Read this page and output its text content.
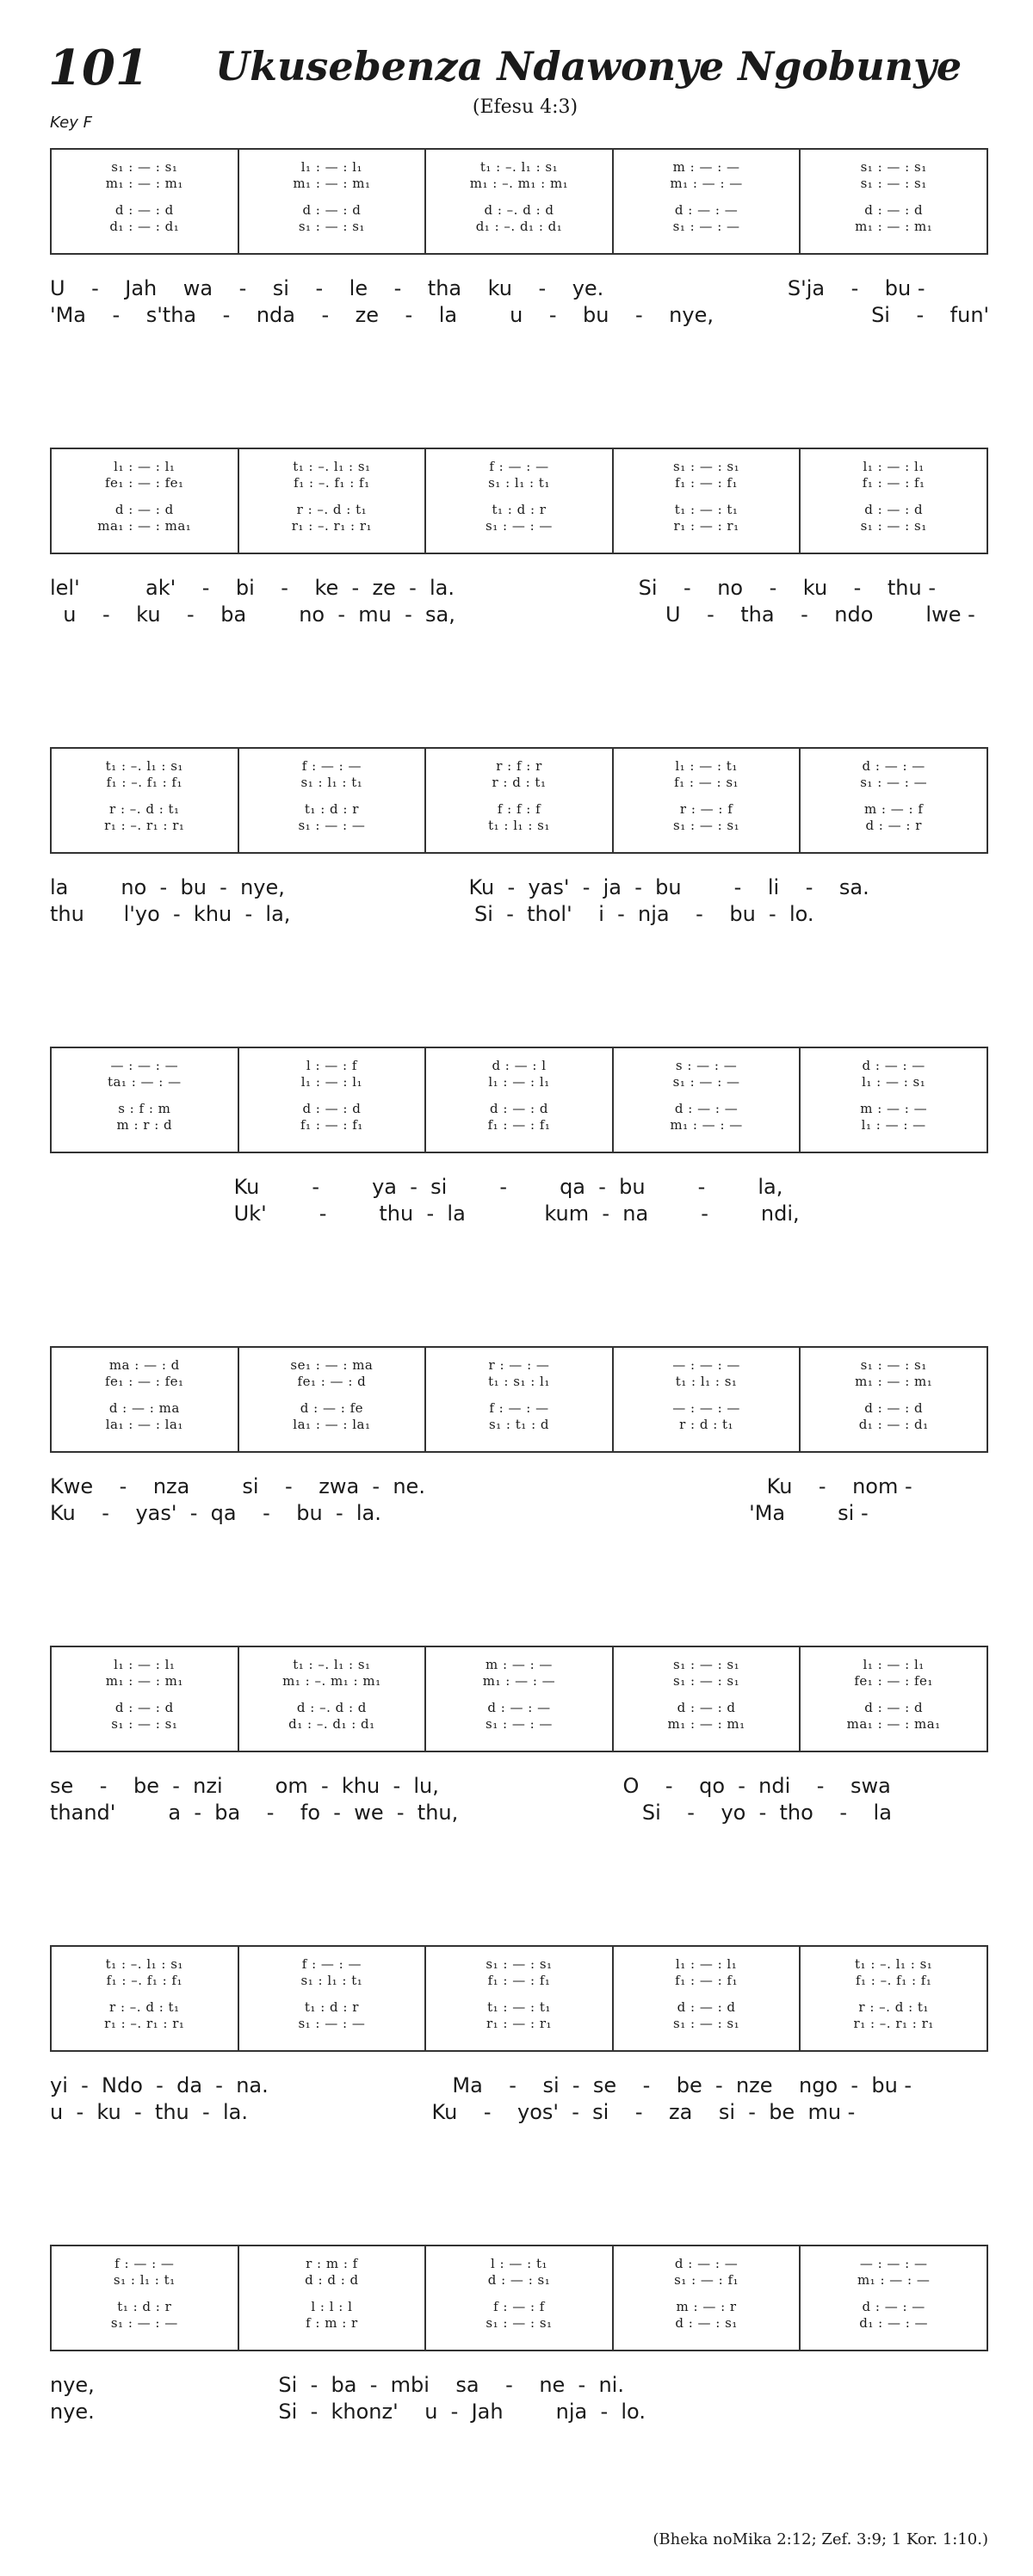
101 Ukusebenza Ndawonye Ngobunye
(Efesu 4:3)
Key F
s₁ : — : s₁
m₁ : — : m₁
d : — : d
d₁ : — : d₁
l₁ : — : l₁
m₁ : — : m₁
d : — : d
s₁ : — : s₁
t₁ : –. l₁ : s₁
m₁ : –. m₁ : m₁
d : –. d : d
d₁ : –. d₁ : d₁
m : — : —
m₁ : — : —
d : — : —
s₁ : — : —
s₁ : — : s₁
s₁ : — : s₁
d : — : d
m₁ : — : m₁
U    -    Jah    wa    -    si    -    le    -    tha    ku    -    ye.                            S'ja    -    bu -
'Ma    -    s'tha    -    nda    -    ze    -    la        u    -    bu    -    nye,                        Si    -    fun'
l₁ : — : l₁
fe₁ : — : fe₁
d : — : d
ma₁ : — : ma₁
t₁ : –. l₁ : s₁
f₁ : –. f₁ : f₁
r : –. d : t₁
r₁ : –. r₁ : r₁
f : — : —
s₁ : l₁ : t₁
t₁ : d : r
s₁ : — : —
s₁ : — : s₁
f₁ : — : f₁
t₁ : — : t₁
r₁ : — : r₁
l₁ : — : l₁
f₁ : — : f₁
d : — : d
s₁ : — : s₁
lel'          ak'    -    bi    -    ke  -  ze  -  la.                            Si    -    no    -    ku    -    thu -
u    -    ku    -    ba        no  -  mu  -  sa,                                U    -    tha    -    ndo        lwe -
t₁ : –. l₁ : s₁
f₁ : –. f₁ : f₁
r : –. d : t₁
r₁ : –. r₁ : r₁
f : — : —
s₁ : l₁ : t₁
t₁ : d : r
s₁ : — : —
r : f : r
r : d : t₁
f : f : f
t₁ : l₁ : s₁
l₁ : — : t₁
f₁ : — : s₁
r : — : f
s₁ : — : s₁
d : — : —
s₁ : — : —
m : — : f
d : — : r
la        no  -  bu  -  nye,                            Ku  -  yas'  -  ja  -  bu        -    li    -    sa.
thu      l'yo  -  khu  -  la,                            Si  -  thol'    i  -  nja    -    bu  -  lo.
— : — : —
ta₁ : — : —
s : f : m
m : r : d
l : — : f
l₁ : — : l₁
d : — : d
f₁ : — : f₁
d : — : l
l₁ : — : l₁
d : — : d
f₁ : — : f₁
s : — : —
s₁ : — : —
d : — : —
m₁ : — : —
d : — : —
l₁ : — : s₁
m : — : —
l₁ : — : —
Ku        -        ya  -  si        -        qa  -  bu        -        la,
Uk'        -        thu  -  la            kum  -  na        -        ndi,
ma : — : d
fe₁ : — : fe₁
d : — : ma
la₁ : — : la₁
se₁ : — : ma
fe₁ : — : d
d : — : fe
la₁ : — : la₁
r : — : —
t₁ : s₁ : l₁
f : — : —
s₁ : t₁ : d
— : — : —
t₁ : l₁ : s₁
— : — : —
r : d : t₁
s₁ : — : s₁
m₁ : — : m₁
d : — : d
d₁ : — : d₁
Kwe    -    nza        si    -    zwa  -  ne.                                                    Ku    -    nom -
Ku    -    yas'  -  qa    -    bu  -  la.                                                        'Ma        si -
l₁ : — : l₁
m₁ : — : m₁
d : — : d
s₁ : — : s₁
t₁ : –. l₁ : s₁
m₁ : –. m₁ : m₁
d : –. d : d
d₁ : –. d₁ : d₁
m : — : —
m₁ : — : —
d : — : —
s₁ : — : —
s₁ : — : s₁
s₁ : — : s₁
d : — : d
m₁ : — : m₁
l₁ : — : l₁
fe₁ : — : fe₁
d : — : d
ma₁ : — : ma₁
se    -    be  -  nzi        om  -  khu  -  lu,                            O    -    qo  -  ndi    -    swa
thand'        a  -  ba    -    fo  -  we  -  thu,                            Si    -    yo  -  tho    -    la
t₁ : –. l₁ : s₁
f₁ : –. f₁ : f₁
r : –. d : t₁
r₁ : –. r₁ : r₁
f : — : —
s₁ : l₁ : t₁
t₁ : d : r
s₁ : — : —
s₁ : — : s₁
f₁ : — : f₁
t₁ : — : t₁
r₁ : — : r₁
l₁ : — : l₁
f₁ : — : f₁
d : — : d
s₁ : — : s₁
t₁ : –. l₁ : s₁
f₁ : –. f₁ : f₁
r : –. d : t₁
r₁ : –. r₁ : r₁
yi  -  Ndo  -  da  -  na.                            Ma    -    si  -  se    -    be  -  nze    ngo  -  bu -
u  -  ku  -  thu  -  la.                            Ku    -    yos'  -  si    -    za    si  -  be  mu -
f : — : —
s₁ : l₁ : t₁
t₁ : d : r
s₁ : — : —
r : m : f
d : d : d
l : l : l
f : m : r
l : — : t₁
d : — : s₁
f : — : f
s₁ : — : s₁
d : — : —
s₁ : — : f₁
m : — : r
d : — : s₁
— : — : —
m₁ : — : —
d : — : —
d₁ : — : —
nye,                            Si  -  ba  -  mbi    sa    -    ne  -  ni.
nye.                            Si  -  khonz'    u  -  Jah        nja  -  lo.
(Bheka noMika 2:12; Zef. 3:9; 1 Kor. 1:10.)
